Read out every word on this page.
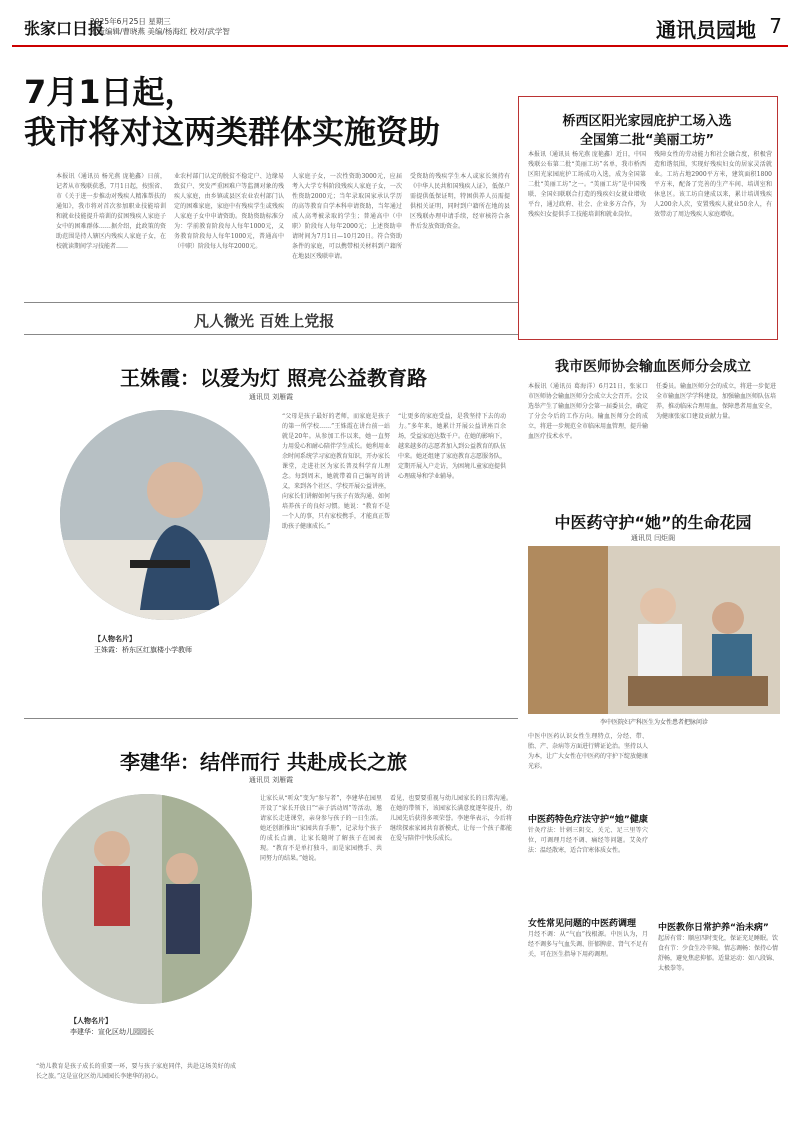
张家口日报
2025年6月25日 星期三
本版编辑/曹晓燕 美编/杨海红 校对/武学智	通讯员园地 7
7月1日起，
我市将对这两类群体实施资助
本报讯（通讯员 杨光燕 庞艳鑫）日前，记者从市残联获悉，7月1日起，按照省、市《关于进一步推动对残疾人精准帮扶的通知》，我市将对首次参加职业技能培训和就业技能提升培训的贫困残疾人家庭子女中的困难群体……据介绍，此政策的资助范围是持人辖区内残疾人家庭子女，在校就读期间学习技能者……
业农村部门认定的脱贫不稳定户、边缘易致贫户、突发严重困难户等监测对象的残疾人家庭，由乡镇或县区农业农村部门认定的困难家庭，家庭中有残疾学生或残疾人家庭子女中申请资助。资助资助标准分为：学前教育阶段每人每年1000元，义务教育阶段每人每年1000元，普通高中（中职）阶段每人每年2000元。
人家庭子女，一次性资助3000元，应届考入大学专科阶段残疾人家庭子女，一次性资助2000元；当年录取国家承认学历的高等教育自学本科申请资助，当年通过成人高考被录取的学生；普通高中（中职）阶段每人每年2000元；上述资助申请时间为7月1日—10月20日。符合资助条件的家庭，可以携带相关材料到户籍所在地县区残联申请。
受资助的残疾学生本人或家长须持有《中华人民共和国残疾人证》，低保户需提供低保证明，特困供养人员需提供相关证明，同时到户籍所在地的县区残联办理申请手续，经审核符合条件后发放资助资金。
桥西区阳光家园庇护工场入选
全国第二批“美丽工坊”
本报讯（通讯员 杨光燕 庞艳鑫）近日，中国残联公布第二批“美丽工坊”名单，我市桥西区阳光家园庇护工场成功入选，成为全国第二批“美丽工坊”之一。“美丽工坊”是中国残联、全国妇联联合打造的残疾妇女就业增收平台，通过政府、社会、企业多方合作，为残疾妇女提供手工技能培训和就业岗位。
残障女性的劳动能力和社会融合度，积极营造和谐氛围，实现好残疾妇女的居家灵活就业。工坊占地2900平方米，建筑面积1800平方米，配备了完善的生产车间、培训室和休息区。该工坊自建成以来，累计培训残疾人200余人次，安置残疾人就业50余人，有效带动了周边残疾人家庭增收。
凡人微光 百姓上党报
王姝霞：以爱为灯 照亮公益教育路
通讯员 刘雁霞
【人物名片】
王姝霞：桥东区红旗楼小学教师
“父母是孩子最好的老师，而家庭是孩子的第一所学校……”王姝霞在讲台前一站就是20年。从参加工作以来，她一直努力用爱心和耐心陪伴学生成长。她利用业余时间系统学习家庭教育知识，开办家长课堂，走进社区为家长普及科学育儿理念。每到周末，她就带着自己编写的讲义，来到各个社区、学校开展公益讲座，向家长们讲解如何与孩子有效沟通、如何培养孩子的良好习惯。她说：“教育不是一个人的事，只有家校携手，才能真正帮助孩子健康成长。”
“让更多的家庭受益，是我坚持下去的动力。”多年来，她累计开展公益讲座百余场，受益家庭达数千户。在她的影响下，越来越多的志愿者加入到公益教育的队伍中来。她还组建了家庭教育志愿服务队，定期开展入户走访，为困境儿童家庭提供心理疏导和学业辅导。
李建华：结伴而行 共赴成长之旅
通讯员 刘雁霞
【人物名片】
李建华：宣化区幼儿园园长
“幼儿教育是孩子成长的重要一环，要与孩子家庭同伴，共赴这场美好的成长之旅。”这是宣化区幼儿园园长李建华的初心。
让家长从“听众”变为“参与者”，李建华在园里开设了“家长开放日”“亲子活动周”等活动，邀请家长走进课堂，亲身参与孩子的一日生活。她还创新推出“家园共育手册”，记录每个孩子的成长点滴，让家长随时了解孩子在园表现。“教育不是单打独斗，而是家园携手、共同努力的结果。”她说。
看见，也要要重视与幼儿园家长的日常沟通。在她的带领下，该园家长满意度逐年提升，幼儿园先后获得多项荣誉。李建华表示，今后将继续探索家园共育新模式，让每一个孩子都能在爱与陪伴中快乐成长。
我市医师协会输血医师分会成立
本报讯（通讯员 葛海洋）6月21日，张家口市医师协会输血医师分会成立大会召开。会议选举产生了输血医师分会第一届委员会，确定了分会今后的工作方向。输血医师分会的成立，将进一步规范全市临床用血管理，提升输血医疗技术水平。
任委员。输血医师分会的成立，将进一步促进全市输血医学学科建设，加强输血医师队伍培养，推动临床合理用血，保障患者用血安全，为健康张家口建设贡献力量。
中医药守护“她”的生命花园
通讯员 闫炬阁
李中医院妇产科医生为女性患者把脉问诊
中医中医药认识女性生理特点，分经、带、胎、产、杂病等方面进行辨证论治。坚持以人为本，让广大女性在中医药的守护下绽放健康光彩。
中医药特色疗法守护“她”健康
针灸疗法：针刺三阴交、关元、足三里等穴位，可调理月经不调、痛经等问题。艾灸疗法：温经散寒，适合宫寒体质女性。
女性常见问题的中医药调理
月经不调：从“气血”找根源。中医认为，月经不调多与气血失调、肝郁脾虚、肾气不足有关，可在医生指导下用药调理。
中医教你日常护养“治未病”
起居有常：顺应四时变化，保证充足睡眠。饮食有节：少食生冷辛辣。情志调畅：保持心情舒畅，避免焦虑抑郁。适量运动：如八段锦、太极拳等。
